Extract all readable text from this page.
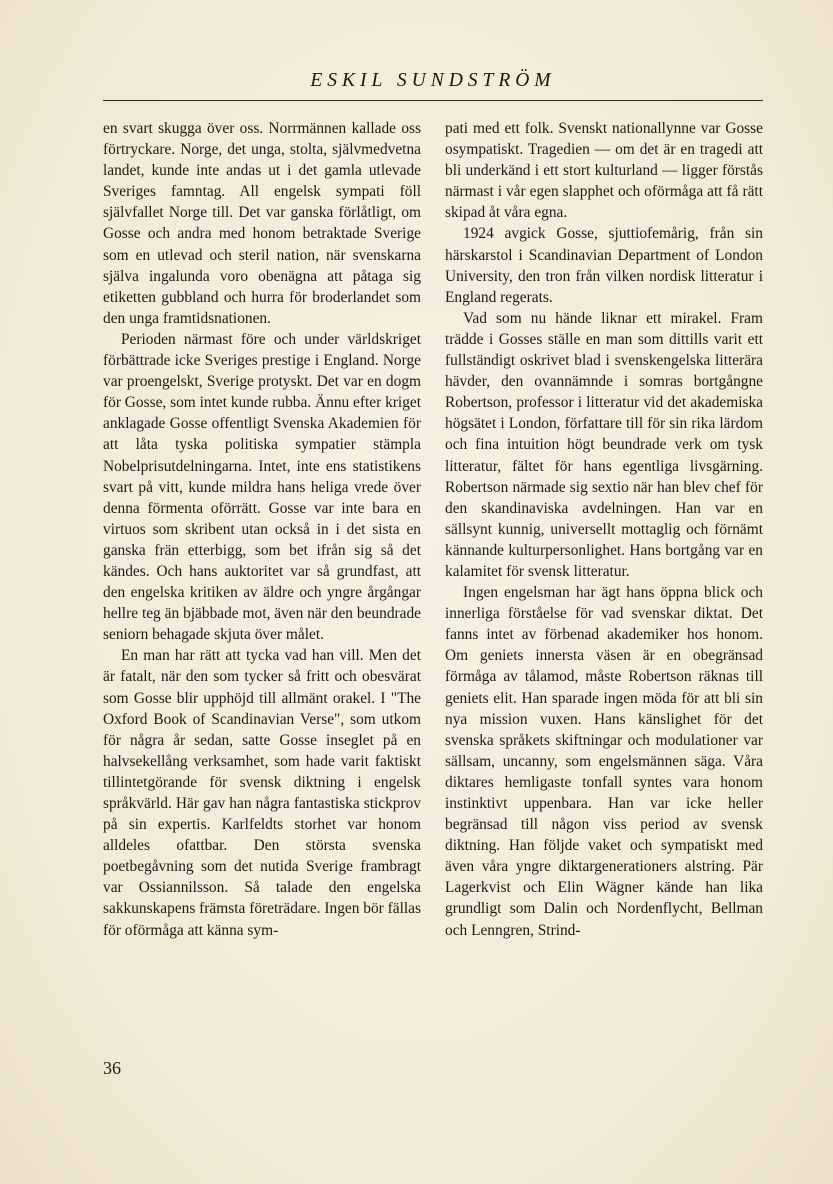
ESKIL SUNDSTRÖM

en svart skugga över oss. Norrmännen kallade oss förtryckare. Norge, det unga, stolta, självmedvetna landet, kunde inte andas ut i det gamla utlevade Sveriges famntag. All engelsk sympati föll självfallet Norge till. Det var ganska förlåtligt, om Gosse och andra med honom betraktade Sverige som en utlevad och steril nation, när svenskarna själva ingalunda voro obenägna att påtaga sig etiketten gubbland och hurra för broderlandet som den unga framtidsnationen.

Perioden närmast före och under världskriget förbättrade icke Sveriges prestige i England. Norge var proengelskt, Sverige protyskt. Det var en dogm för Gosse, som intet kunde rubba. Ännu efter kriget anklagade Gosse offentligt Svenska Akademien för att låta tyska politiska sympatier stämpla Nobelprisutdelningarna. Intet, inte ens statistikens svart på vitt, kunde mildra hans heliga vrede över denna förmenta oförrätt. Gosse var inte bara en virtuos som skribent utan också in i det sista en ganska frän etterbigg, som bet ifrån sig så det kändes. Och hans auktoritet var så grundfast, att den engelska kritiken av äldre och yngre årgångar hellre teg än bjäbbade mot, även när den beundrade seniorn behagade skjuta över målet.

En man har rätt att tycka vad han vill. Men det är fatalt, när den som tycker så fritt och obesvärat som Gosse blir upphöjd till allmänt orakel. I "The Oxford Book of Scandinavian Verse", som utkom för några år sedan, satte Gosse inseglet på en halvsekellång verksamhet, som hade varit faktiskt tillintetgörande för svensk diktning i engelsk språkvärld. Här gav han några fantastiska stickprov på sin expertis. Karlfeldts storhet var honom alldeles ofattbar. Den största svenska poetbegåvning som det nutida Sverige frambragt var Ossiannilsson. Så talade den engelska sakkunskapens främsta företrädare. Ingen bör fällas för oförmåga att känna sym-

pati med ett folk. Svenskt nationallynne var Gosse osympatiskt. Tragedien — om det är en tragedi att bli underkänd i ett stort kulturland — ligger förstås närmast i vår egen slapphet och oförmåga att få rätt skipad åt våra egna.

1924 avgick Gosse, sjuttiofemårig, från sin härskarstol i Scandinavian Department of London University, den tron från vilken nordisk litteratur i England regerats.

Vad som nu hände liknar ett mirakel. Fram trädde i Gosses ställe en man som dittills varit ett fullständigt oskrivet blad i svenskengelska litterära hävder, den ovannämnde i somras bortgångne Robertson, professor i litteratur vid det akademiska högsätet i London, författare till för sin rika lärdom och fina intuition högt beundrade verk om tysk litteratur, fältet för hans egentliga livsgärning. Robertson närmade sig sextio när han blev chef för den skandinaviska avdelningen. Han var en sällsynt kunnig, universellt mottaglig och förnämt kännande kulturpersonlighet. Hans bortgång var en kalamitet för svensk litteratur.

Ingen engelsman har ägt hans öppna blick och innerliga förståelse för vad svenskar diktat. Det fanns intet av förbenad akademiker hos honom. Om geniets innersta väsen är en obegränsad förmåga av tålamod, måste Robertson räknas till geniets elit. Han sparade ingen möda för att bli sin nya mission vuxen. Hans känslighet för det svenska språkets skiftningar och modulationer var sällsam, uncanny, som engelsmännen säga. Våra diktares hemligaste tonfall syntes vara honom instinktivt uppenbara. Han var icke heller begränsad till någon viss period av svensk diktning. Han följde vaket och sympatiskt med även våra yngre diktargenerationers alstring. Pär Lagerkvist och Elin Wägner kände han lika grundligt som Dalin och Nordenflycht, Bellman och Lenngren, Strind-

36
